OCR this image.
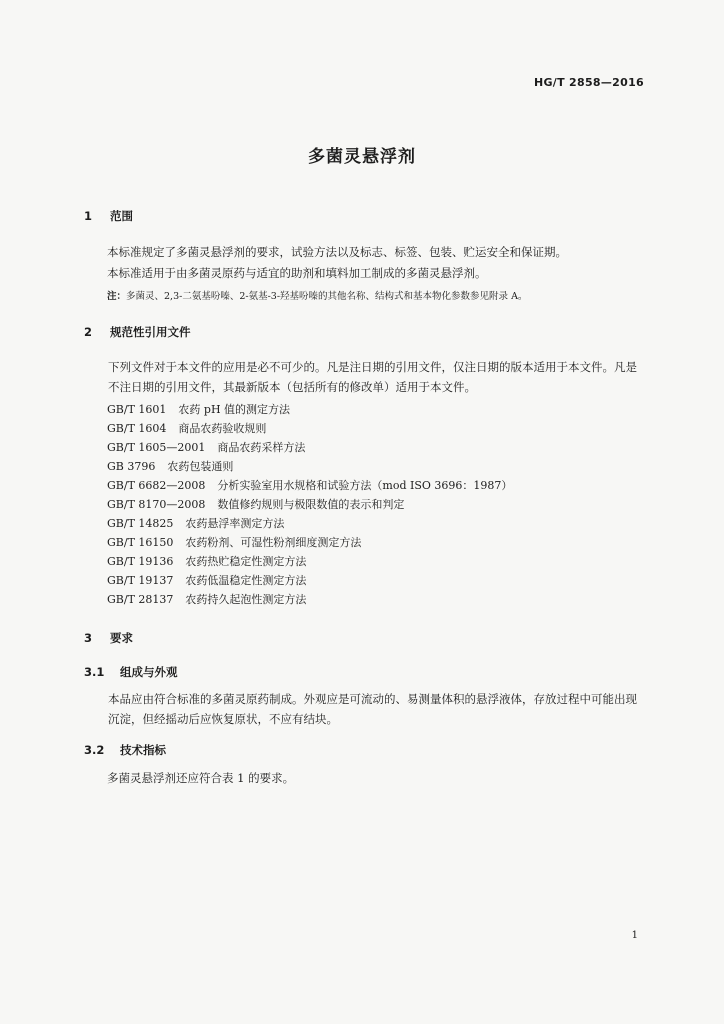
HG/T 2858—2016
多菌灵悬浮剂
1 范围
本标准规定了多菌灵悬浮剂的要求，试验方法以及标志、标签、包装、贮运安全和保证期。
本标准适用于由多菌灵原药与适宜的助剂和填料加工制成的多菌灵悬浮剂。
注：多菌灵、2,3-二氨基吩嗪、2-氨基-3-羟基吩嗪的其他名称、结构式和基本物化参数参见附录 A。
2 规范性引用文件
下列文件对于本文件的应用是必不可少的。凡是注日期的引用文件，仅注日期的版本适用于本文件。凡是不注日期的引用文件，其最新版本（包括所有的修改单）适用于本文件。
GB/T 1601 农药 pH 值的测定方法
GB/T 1604 商品农药验收规则
GB/T 1605—2001 商品农药采样方法
GB 3796 农药包装通则
GB/T 6682—2008 分析实验室用水规格和试验方法（mod ISO 3696：1987）
GB/T 8170—2008 数值修约规则与极限数值的表示和判定
GB/T 14825 农药悬浮率测定方法
GB/T 16150 农药粉剂、可湿性粉剂细度测定方法
GB/T 19136 农药热贮稳定性测定方法
GB/T 19137 农药低温稳定性测定方法
GB/T 28137 农药持久起泡性测定方法
3 要求
3.1 组成与外观
本品应由符合标准的多菌灵原药制成。外观应是可流动的、易测量体积的悬浮液体，存放过程中可能出现沉淀，但经摇动后应恢复原状，不应有结块。
3.2 技术指标
多菌灵悬浮剂还应符合表 1 的要求。
1
